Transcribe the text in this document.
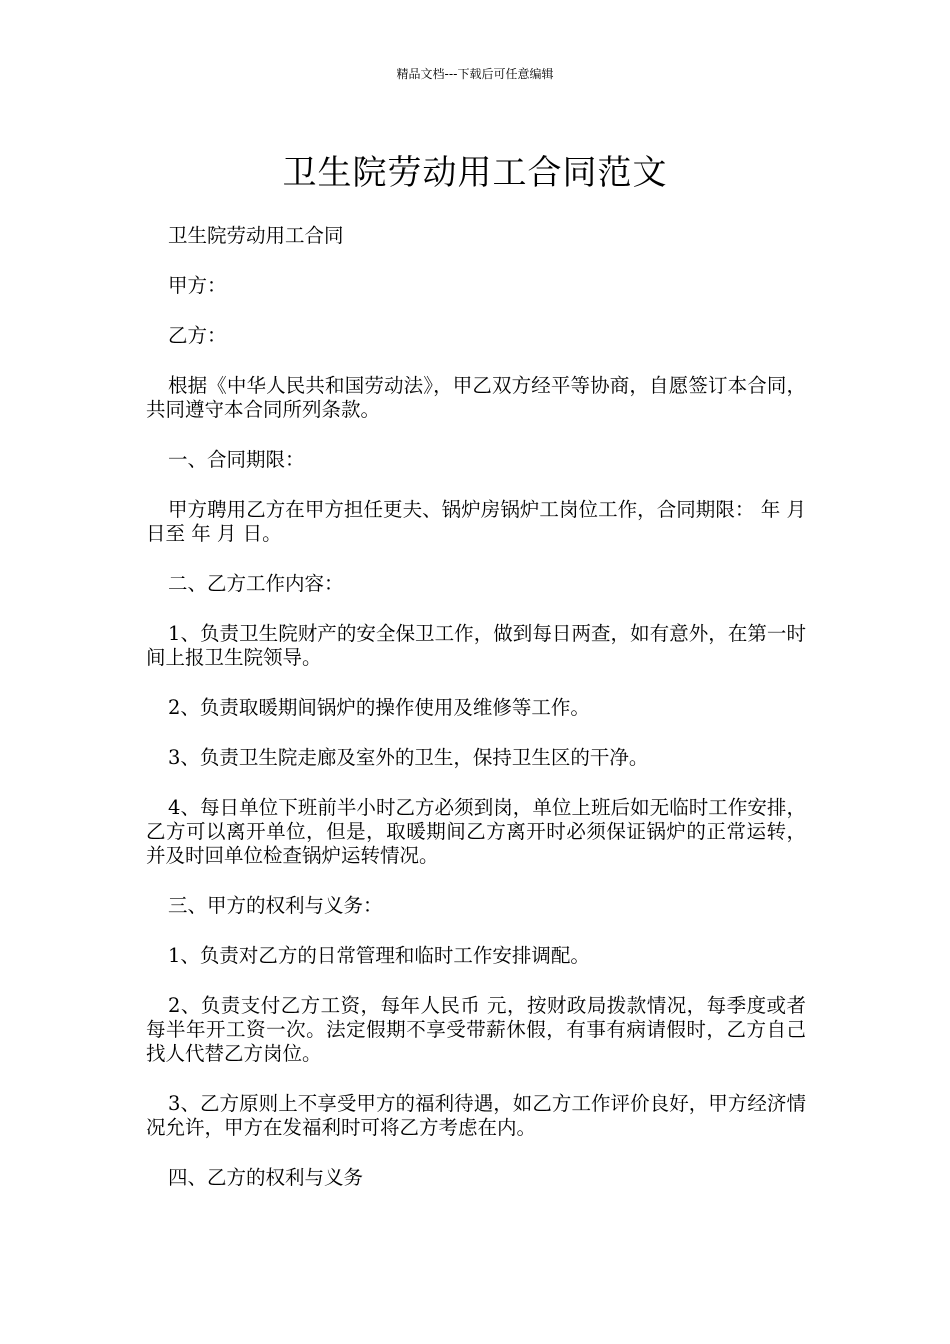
精品文档---下载后可任意编辑
卫生院劳动用工合同范文

卫生院劳动用工合同

甲方：

乙方：

根据《中华人民共和国劳动法》，甲乙双方经平等协商，自愿签订本合同，共同遵守本合同所列条款。

一、合同期限：

甲方聘用乙方在甲方担任更夫、锅炉房锅炉工岗位工作，合同期限： 年 月 日至 年 月 日。

二、乙方工作内容：

1、负责卫生院财产的安全保卫工作，做到每日两查，如有意外，在第一时间上报卫生院领导。

2、负责取暖期间锅炉的操作使用及维修等工作。

3、负责卫生院走廊及室外的卫生，保持卫生区的干净。

4、每日单位下班前半小时乙方必须到岗，单位上班后如无临时工作安排，乙方可以离开单位，但是，取暖期间乙方离开时必须保证锅炉的正常运转，并及时回单位检查锅炉运转情况。

三、甲方的权利与义务：

1、负责对乙方的日常管理和临时工作安排调配。

2、负责支付乙方工资，每年人民币 元，按财政局拨款情况，每季度或者每半年开工资一次。法定假期不享受带薪休假，有事有病请假时，乙方自己找人代替乙方岗位。

3、乙方原则上不享受甲方的福利待遇，如乙方工作评价良好，甲方经济情况允许，甲方在发福利时可将乙方考虑在内。

四、乙方的权利与义务
